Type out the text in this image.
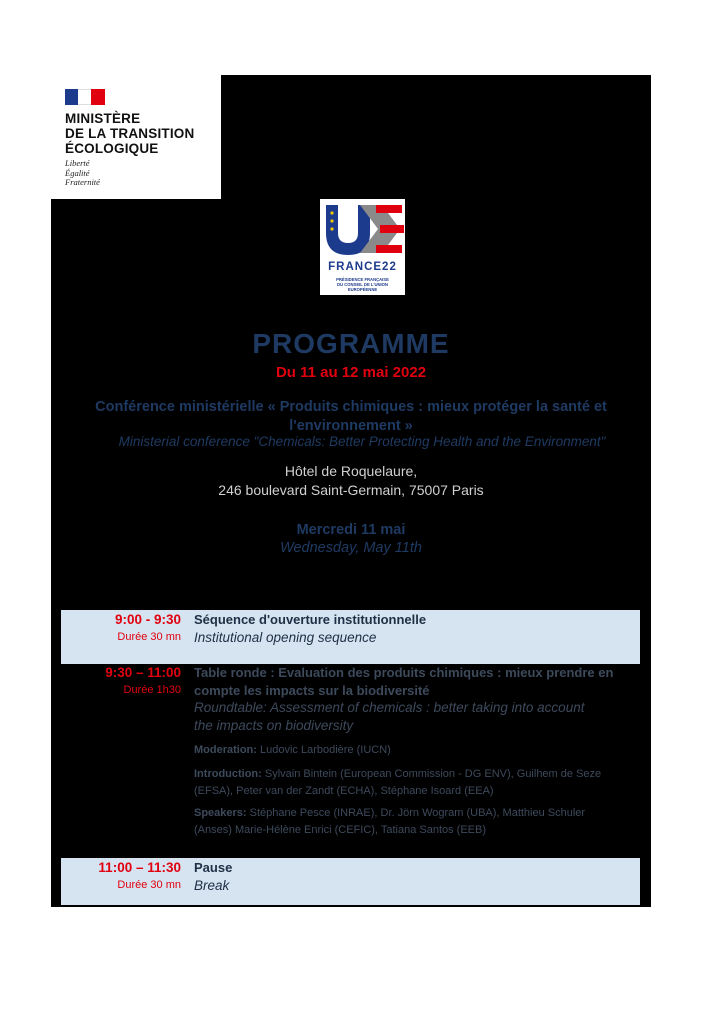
MINISTÈRE
DE LA TRANSITION
ÉCOLOGIQUE
Liberté
Égalité
Fraternité
FRANCE22
PRÉSIDENCE FRANÇAISE
DU CONSEIL DE L'UNION
EUROPÉENNE
PROGRAMME
Du 11 au 12 mai 2022
Conférence ministérielle « Produits chimiques : mieux protéger la santé et
l'environnement »
Ministerial conference "Chemicals: Better Protecting Health and the Environment"
Hôtel de Roquelaure,
246 boulevard Saint-Germain, 75007 Paris
Mercredi 11 mai
Wednesday, May 11th
9:00 - 9:30
Durée 30 mn
Séquence d'ouverture institutionnelle
Institutional opening sequence
9:30 – 11:00
Durée 1h30
Table ronde : Evaluation des produits chimiques : mieux prendre en
compte les impacts sur la biodiversité
Roundtable: Assessment of chemicals : better taking into account
the impacts on biodiversity
Moderation: Ludovic Larbodière (IUCN)
Introduction: Sylvain Bintein (European Commission - DG ENV), Guilhem de Seze
(EFSA), Peter van der Zandt (ECHA), Stéphane Isoard (EEA)
Speakers: Stéphane Pesce (INRAE), Dr. Jörn Wogram (UBA), Matthieu Schuler
(Anses) Marie-Hélène Enrici (CEFIC), Tatiana Santos (EEB)
11:00 – 11:30
Durée 30 mn
Pause
Break
